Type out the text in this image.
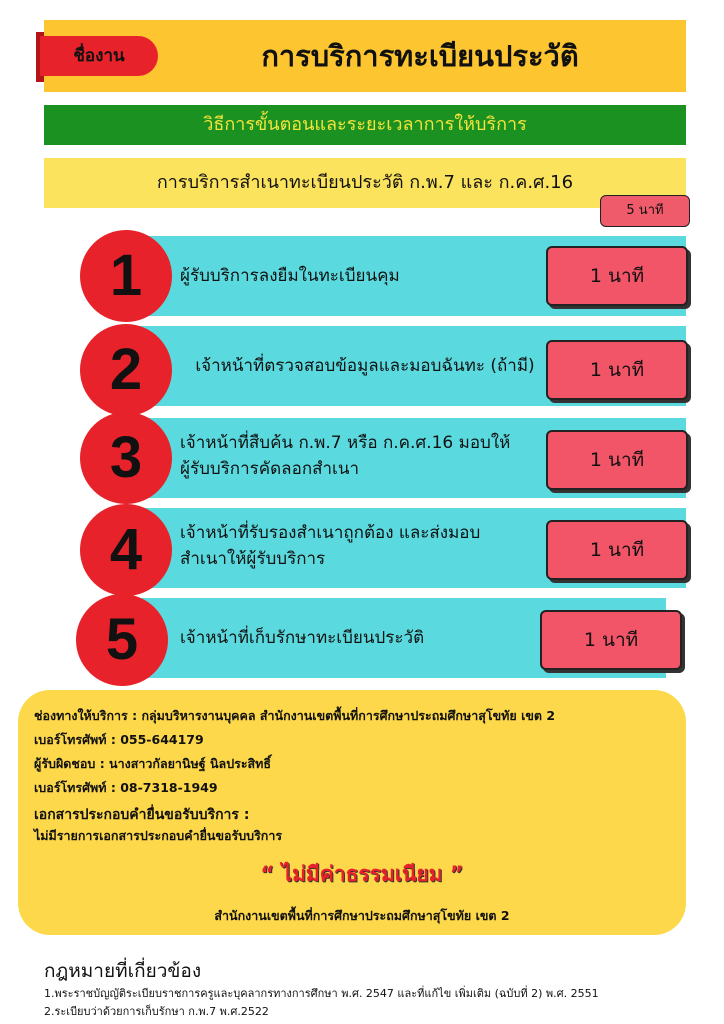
ชื่องาน	การบริการทะเบียนประวัติ
วิธีการขั้นตอนและระยะเวลาการให้บริการ
การบริการสำเนาทะเบียนประวัติ ก.พ.7 และ ก.ค.ศ.16
5 นาที
1	ผู้รับบริการลงยืมในทะเบียนคุม	1 นาที
2	เจ้าหน้าที่ตรวจสอบข้อมูลและมอบฉันทะ (ถ้ามี)	1 นาที
3	เจ้าหน้าที่สืบค้น ก.พ.7 หรือ ก.ค.ศ.16 มอบให้ผู้รับบริการคัดลอกสำเนา	1 นาที
4	เจ้าหน้าที่รับรองสำเนาถูกต้อง และส่งมอบสำเนาให้ผู้รับบริการ	1 นาที
5	เจ้าหน้าที่เก็บรักษาทะเบียนประวัติ	1 นาที
ช่องทางให้บริการ : กลุ่มบริหารงานบุคคล สำนักงานเขตพื้นที่การศึกษาประถมศึกษาสุโขทัย เขต 2
เบอร์โทรศัพท์ : 055-644179
ผู้รับผิดชอบ : นางสาวกัลยานิษฐ์ นิลประสิทธิ์
เบอร์โทรศัพท์ : 08-7318-1949
เอกสารประกอบคำยื่นขอรับบริการ :
ไม่มีรายการเอกสารประกอบคำยื่นขอรับบริการ
“ ไม่มีค่าธรรมเนียม ”
สำนักงานเขตพื้นที่การศึกษาประถมศึกษาสุโขทัย เขต 2
กฎหมายที่เกี่ยวข้อง
1.พระราชบัญญัติระเบียบราชการครูและบุคลากรทางการศึกษา พ.ศ. 2547 และที่แก้ไข เพิ่มเติม (ฉบับที่ 2) พ.ศ. 2551
2.ระเบียบว่าด้วยการเก็บรักษา ก.พ.7 พ.ศ.2522
